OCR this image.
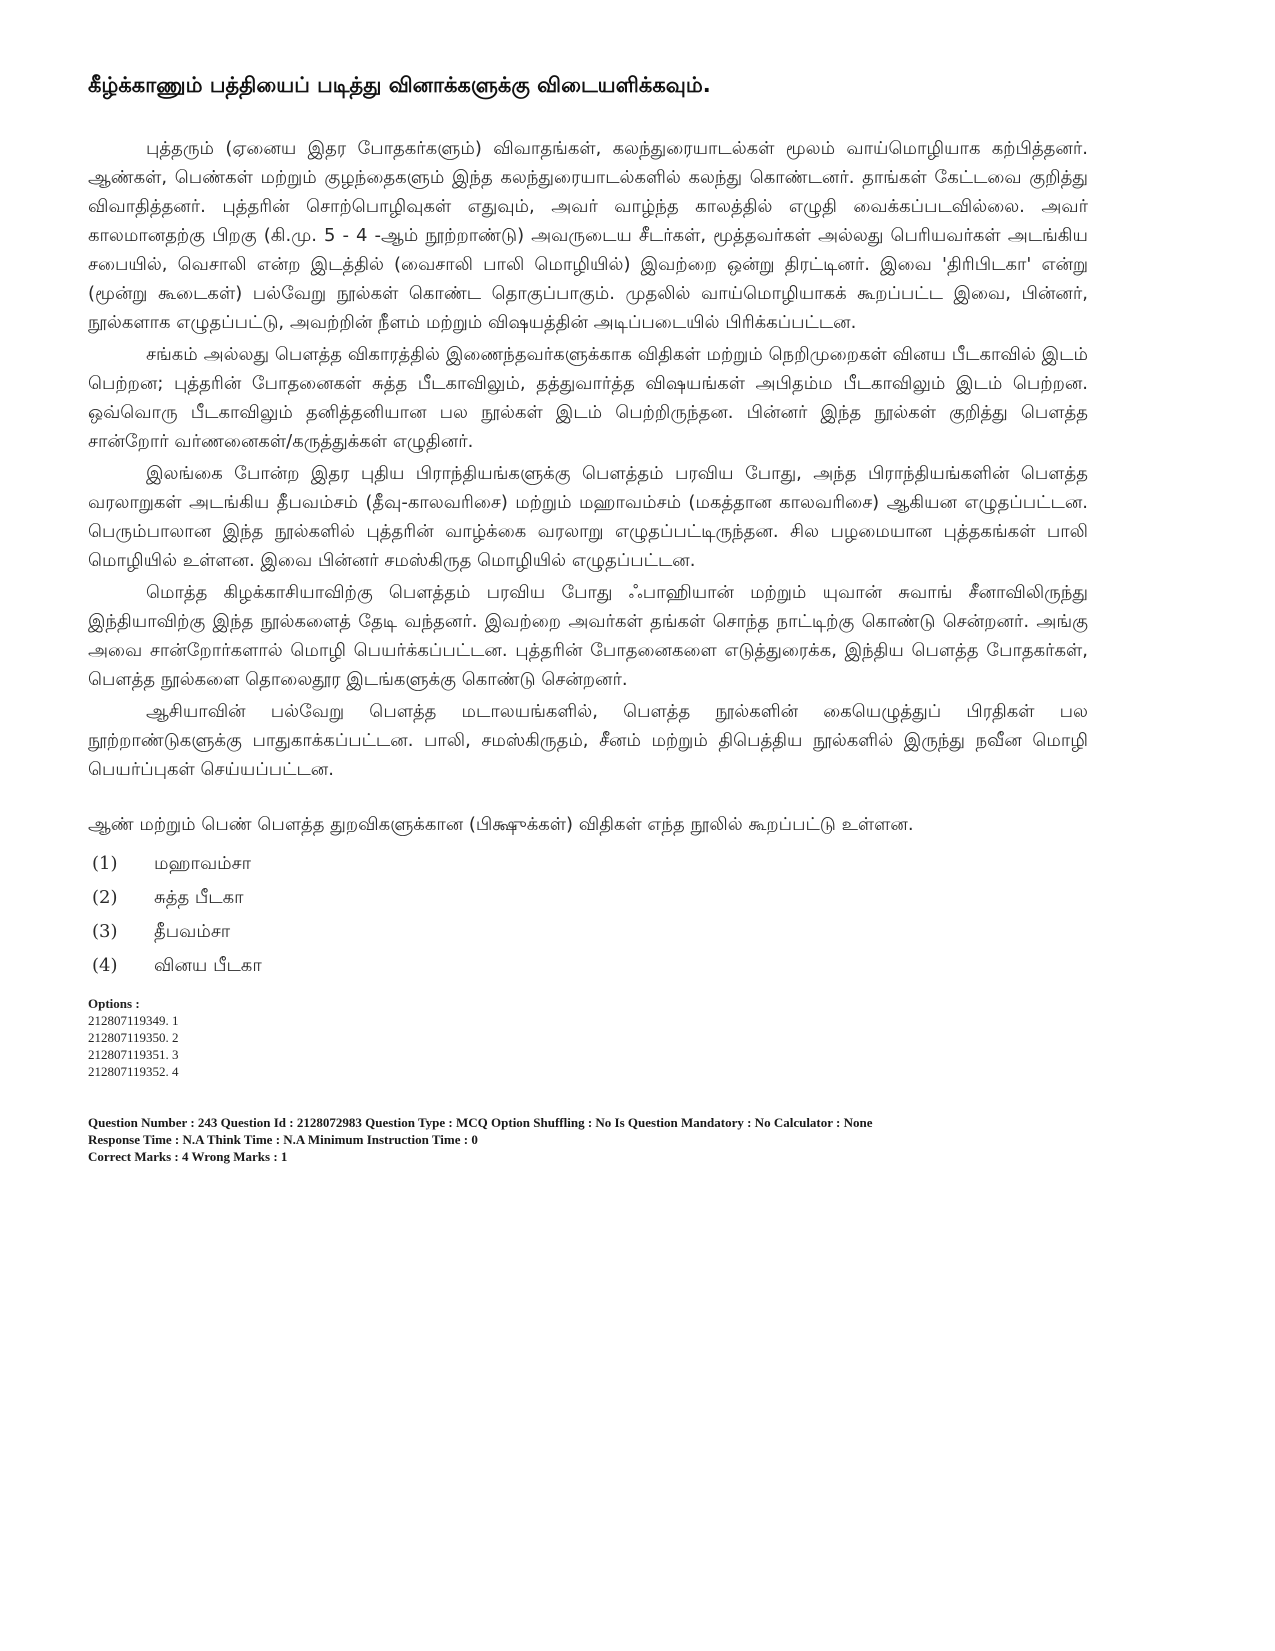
கீழ்க்காணும் பத்தியைப் படித்து வினாக்களுக்கு விடையளிக்கவும்.

புத்தரும் (ஏனைய இதர போதகர்களும்) விவாதங்கள், கலந்துரையாடல்கள் மூலம் வாய்மொழியாக கற்பித்தனர். ஆண்கள், பெண்கள் மற்றும் குழந்தைகளும் இந்த கலந்துரையாடல்களில் கலந்து கொண்டனர். தாங்கள் கேட்டவை குறித்து விவாதித்தனர். புத்தரின் சொற்பொழிவுகள் எதுவும், அவர் வாழ்ந்த காலத்தில் எழுதி வைக்கப்படவில்லை. அவர் காலமானதற்கு பிறகு (கி.மு. 5 - 4 -ஆம் நூற்றாண்டு) அவருடைய சீடர்கள், மூத்தவர்கள் அல்லது பெரியவர்கள் அடங்கிய சபையில், வெசாலி என்ற இடத்தில் (வைசாலி பாலி மொழியில்) இவற்றை ஒன்று திரட்டினர். இவை 'திரிபிடகா' என்று (மூன்று கூடைகள்) பல்வேறு நூல்கள் கொண்ட தொகுப்பாகும். முதலில் வாய்மொழியாகக் கூறப்பட்ட இவை, பின்னர், நூல்களாக எழுதப்பட்டு, அவற்றின் நீளம் மற்றும் விஷயத்தின் அடிப்படையில் பிரிக்கப்பட்டன.

சங்கம் அல்லது பௌத்த விகாரத்தில் இணைந்தவர்களுக்காக விதிகள் மற்றும் நெறிமுறைகள் வினய பீடகாவில் இடம் பெற்றன; புத்தரின் போதனைகள் சுத்த பீடகாவிலும், தத்துவார்த்த விஷயங்கள் அபிதம்ம பீடகாவிலும் இடம் பெற்றன. ஒவ்வொரு பீடகாவிலும் தனித்தனியான பல நூல்கள் இடம் பெற்றிருந்தன. பின்னர் இந்த நூல்கள் குறித்து பௌத்த சான்றோர் வர்ணனைகள்/கருத்துக்கள் எழுதினர்.

இலங்கை போன்ற இதர புதிய பிராந்தியங்களுக்கு பௌத்தம் பரவிய போது, அந்த பிராந்தியங்களின் பௌத்த வரலாறுகள் அடங்கிய தீபவம்சம் (தீவு-காலவரிசை) மற்றும் மஹாவம்சம் (மகத்தான காலவரிசை) ஆகியன எழுதப்பட்டன. பெரும்பாலான இந்த நூல்களில் புத்தரின் வாழ்க்கை வரலாறு எழுதப்பட்டிருந்தன. சில பழமையான புத்தகங்கள் பாலி மொழியில் உள்ளன. இவை பின்னர் சமஸ்கிருத மொழியில் எழுதப்பட்டன.

மொத்த கிழக்காசியாவிற்கு பௌத்தம் பரவிய போது ஃபாஹியான் மற்றும் யுவான் சுவாங் சீனாவிலிருந்து இந்தியாவிற்கு இந்த நூல்களைத் தேடி வந்தனர். இவற்றை அவர்கள் தங்கள் சொந்த நாட்டிற்கு கொண்டு சென்றனர். அங்கு அவை சான்றோர்களால் மொழி பெயர்க்கப்பட்டன. புத்தரின் போதனைகளை எடுத்துரைக்க, இந்திய பௌத்த போதகர்கள், பௌத்த நூல்களை தொலைதூர இடங்களுக்கு கொண்டு சென்றனர்.

ஆசியாவின் பல்வேறு பௌத்த மடாலயங்களில், பௌத்த நூல்களின் கையெழுத்துப் பிரதிகள் பல நூற்றாண்டுகளுக்கு பாதுகாக்கப்பட்டன. பாலி, சமஸ்கிருதம், சீனம் மற்றும் திபெத்திய நூல்களில் இருந்து நவீன மொழி பெயர்ப்புகள் செய்யப்பட்டன.

ஆண் மற்றும் பெண் பௌத்த துறவிகளுக்கான (பிக்ஷுக்கள்) விதிகள் எந்த நூலில் கூறப்பட்டு உள்ளன.
(1)	மஹாவம்சா
(2)	சுத்த பீடகா
(3)	தீபவம்சா
(4)	வினய பீடகா
Options :
212807119349. 1
212807119350. 2
212807119351. 3
212807119352. 4
Question Number : 243 Question Id : 2128072983 Question Type : MCQ Option Shuffling : No Is Question Mandatory : No Calculator : None
Response Time : N.A Think Time : N.A Minimum Instruction Time : 0
Correct Marks : 4 Wrong Marks : 1
